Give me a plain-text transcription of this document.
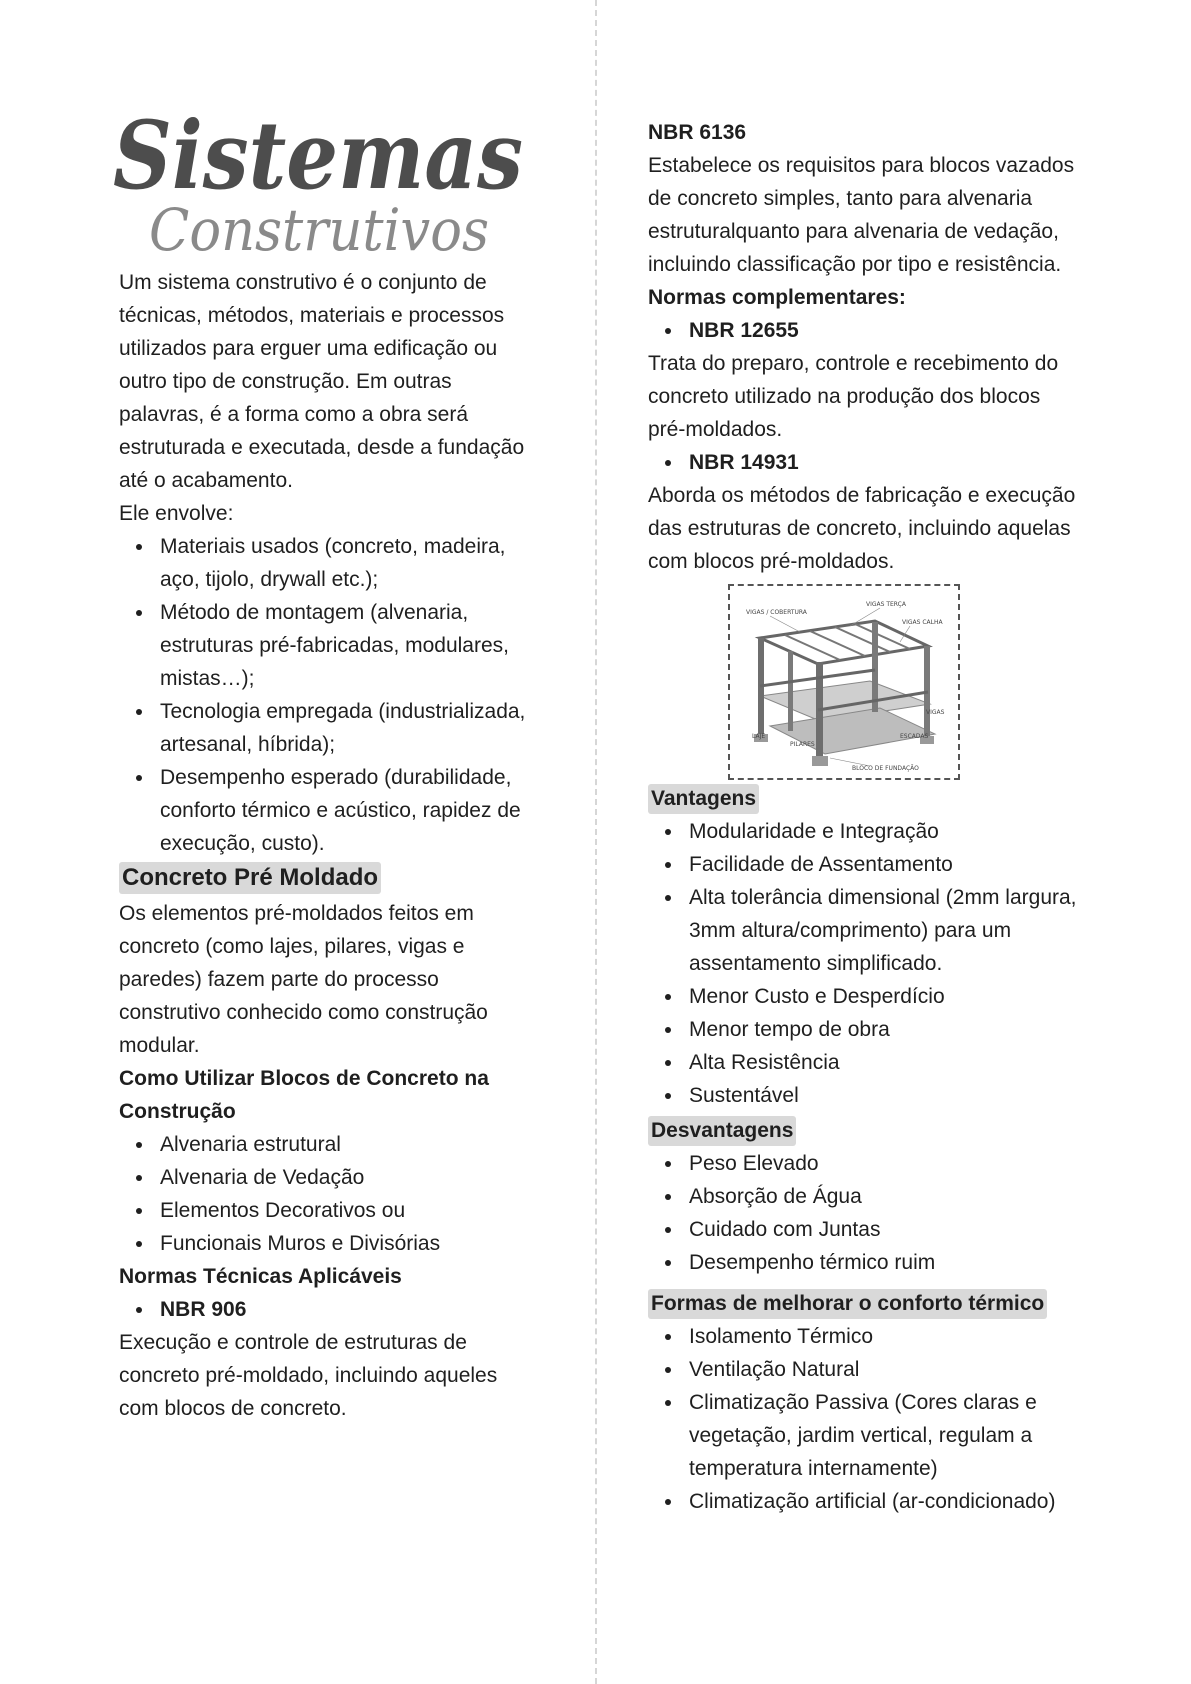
Sistemas
Construtivos

Um sistema construtivo é o conjunto de técnicas, métodos, materiais e processos utilizados para erguer uma edificação ou outro tipo de construção. Em outras palavras, é a forma como a obra será estruturada e executada, desde a fundação até o acabamento.

Ele envolve:

Materiais usados (concreto, madeira, aço, tijolo, drywall etc.);
Método de montagem (alvenaria, estruturas pré-fabricadas, modulares, mistas…);
Tecnologia empregada (industrializada, artesanal, híbrida);
Desempenho esperado (durabilidade, conforto térmico e acústico, rapidez de execução, custo).
Concreto Pré Moldado

Os elementos pré-moldados feitos em concreto (como lajes, pilares, vigas e paredes) fazem parte do processo construtivo conhecido como construção modular.

Como Utilizar Blocos de Concreto na Construção

Alvenaria estrutural
Alvenaria de Vedação
Elementos Decorativos ou
Funcionais Muros e Divisórias

Normas Técnicas Aplicáveis

NBR 906

Execução e controle de estruturas de concreto pré-moldado, incluindo aqueles com blocos de concreto.

NBR 6136

Estabelece os requisitos para blocos vazados de concreto simples, tanto para alvenaria estruturalquanto para alvenaria de vedação, incluindo classificação por tipo e resistência.

Normas complementares:

NBR 12655

Trata do preparo, controle e recebimento do concreto utilizado na produção dos blocos pré-moldados.

NBR 14931

Aborda os métodos de fabricação e execução das estruturas de concreto, incluindo aquelas com blocos pré-moldados.

VIGAS / COBERTURA
VIGAS TERÇA
VIGAS CALHA
VIGAS
LAJE
PILARES
ESCADAS
BLOCO DE FUNDAÇÃO
Vantagens
Modularidade e Integração
Facilidade de Assentamento
Alta tolerância dimensional (2mm largura, 3mm altura/comprimento) para um assentamento simplificado.
Menor Custo e Desperdício
Menor tempo de obra
Alta Resistência
Sustentável
Desvantagens
Peso Elevado
Absorção de Água
Cuidado com Juntas
Desempenho térmico ruim
Formas de melhorar o conforto térmico
Isolamento Térmico
Ventilação Natural
Climatização Passiva (Cores claras e vegetação, jardim vertical, regulam a temperatura internamente)
Climatização artificial (ar-condicionado)
